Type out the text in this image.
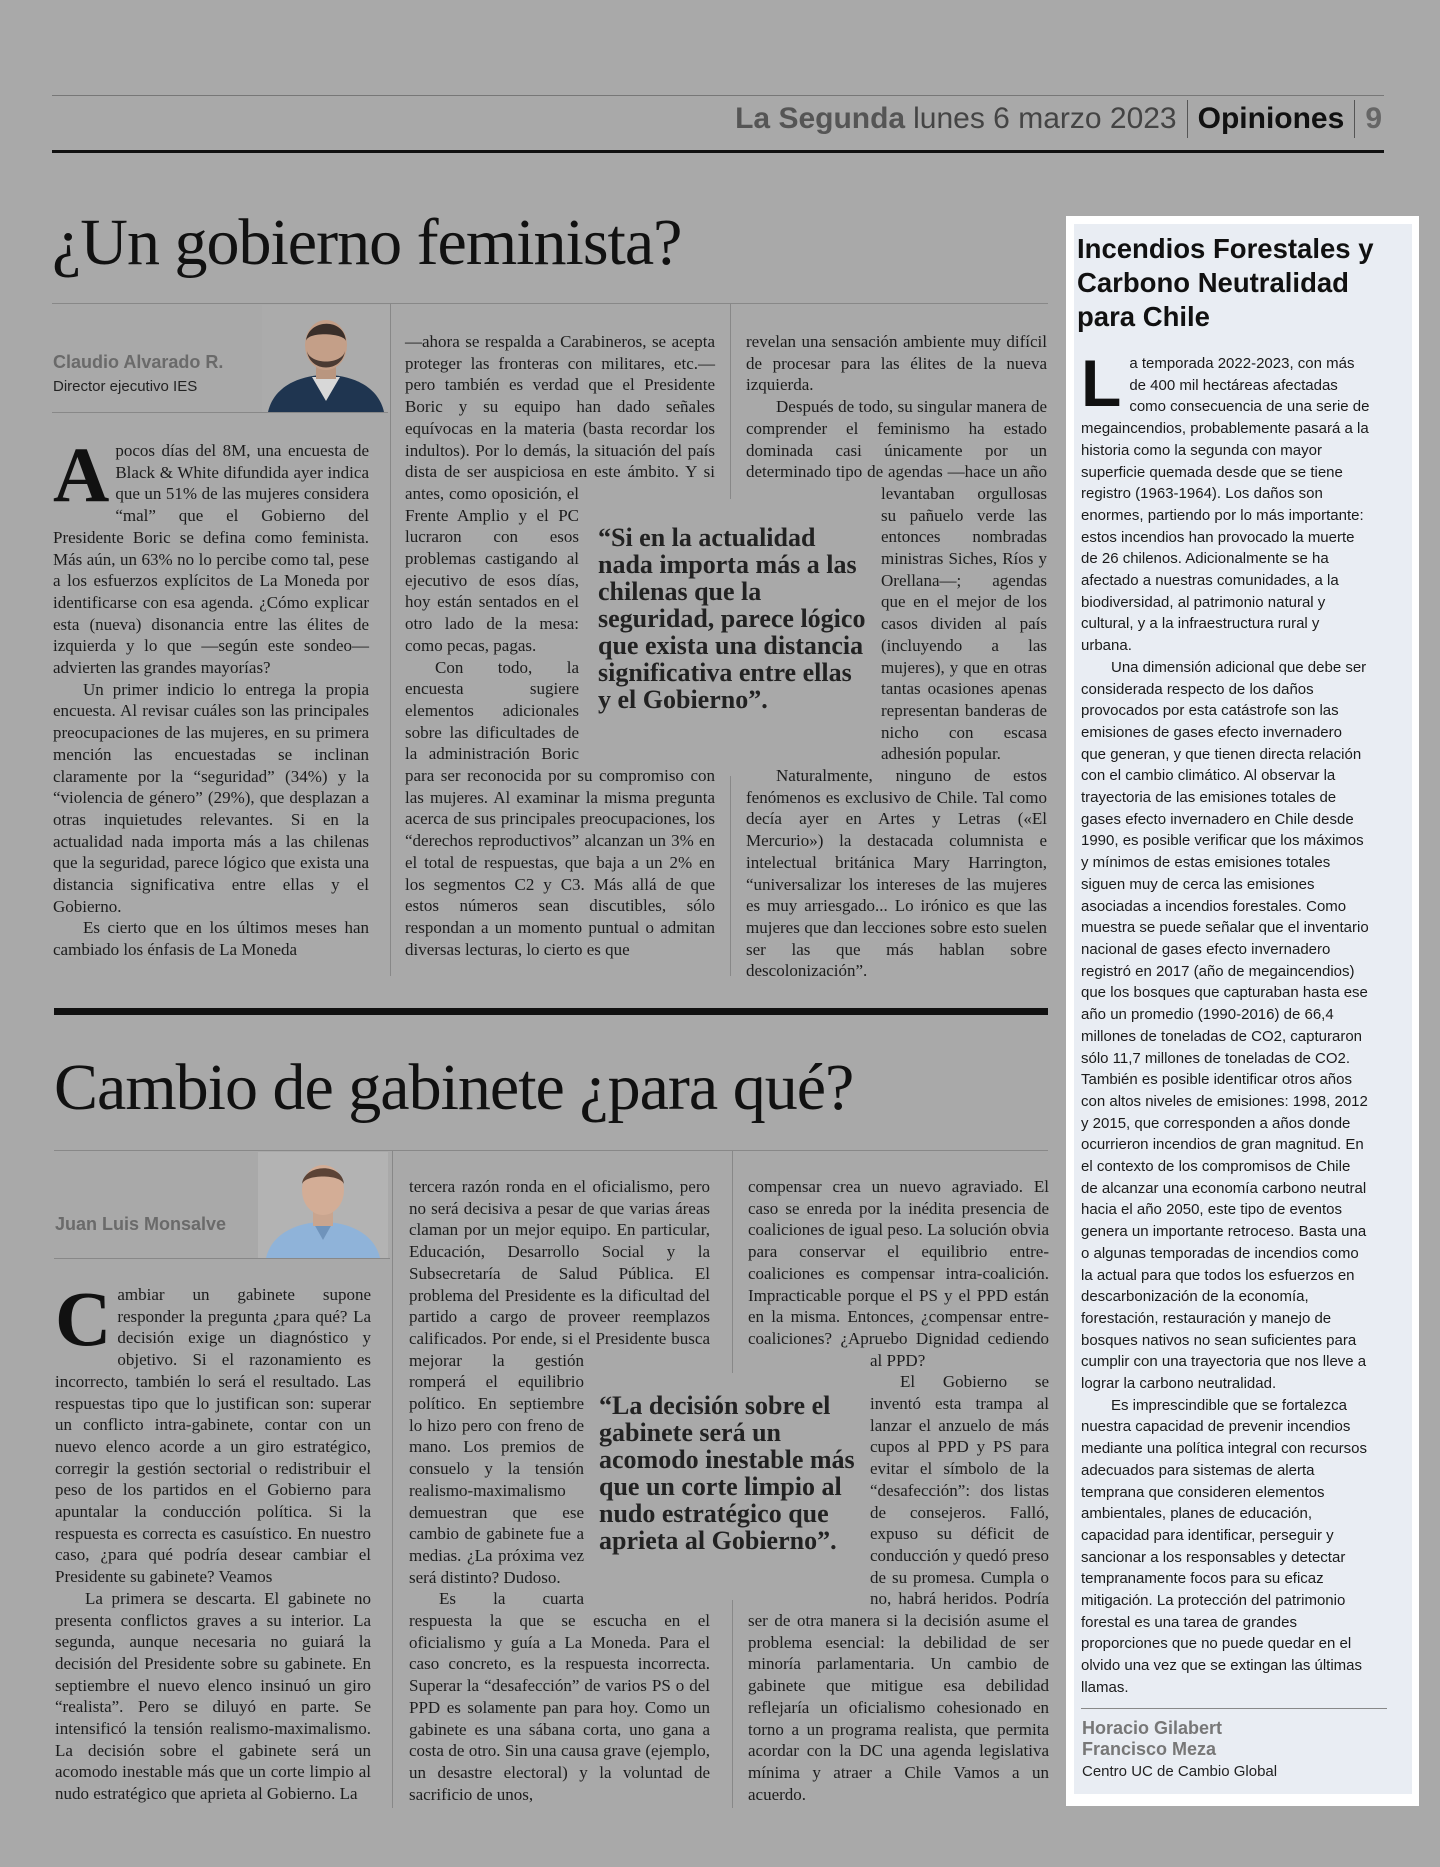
La Segunda lunes 6 marzo 2023 Opiniones 9
¿Un gobierno feminista?
Claudio Alvarado R.
Director ejecutivo IES

Apocos días del 8M, una encuesta de Black & White difundida ayer indica que un 51% de las mujeres considera “mal” que el Gobierno del Presidente Boric se defina como feminista. Más aún, un 63% no lo percibe como tal, pese a los esfuerzos explícitos de La Moneda por identificarse con esa agenda. ¿Cómo explicar esta (nueva) disonancia entre las élites de izquierda y lo que —según este sondeo— advierten las grandes mayorías?

Un primer indicio lo entrega la propia encuesta. Al revisar cuáles son las principales preocupaciones de las mujeres, en su primera mención las encuestadas se inclinan claramente por la “seguridad” (34%) y la “violencia de género” (29%), que desplazan a otras inquietudes relevantes. Si en la actualidad nada importa más a las chilenas que la seguridad, parece lógico que exista una distancia significativa entre ellas y el Gobierno.

Es cierto que en los últimos meses han cambiado los énfasis de La Moneda

—ahora se respalda a Carabineros, se acepta proteger las fronteras con militares, etc.— pero también es verdad que el Presidente Boric y su equipo han dado señales equívocas en la materia (basta recordar los indultos). Por lo demás, la situación del país dista de ser auspiciosa en este ámbito. Y si antes, como oposición, el Frente Amplio y el PC lucraron con esos problemas castigando al ejecutivo de esos días, hoy están sentados en el otro lado de la mesa: como pecas, pagas.

Con todo, la encuesta sugiere elementos adicionales sobre las dificultades de la administración Boric para ser reconocida por su compromiso con las mujeres. Al examinar la misma pregunta acerca de sus principales preocupaciones, los “derechos reproductivos” alcanzan un 3% en el total de respuestas, que baja a un 2% en los segmentos C2 y C3. Más allá de que estos números sean discutibles, sólo respondan a un momento puntual o admitan diversas lecturas, lo cierto es que

revelan una sensación ambiente muy difícil de procesar para las élites de la nueva izquierda.

Después de todo, su singular manera de comprender el feminismo ha estado dominada casi únicamente por un determinado tipo de agendas —hace un año levantaban orgullosas su pañuelo verde las entonces nombradas ministras Siches, Ríos y Orellana—; agendas que en el mejor de los casos dividen al país (incluyendo a las mujeres), y que en otras tantas ocasiones apenas representan banderas de nicho con escasa adhesión popular.

Naturalmente, ninguno de estos fenómenos es exclusivo de Chile. Tal como decía ayer en Artes y Letras («El Mercurio») la destacada columnista e intelectual británica Mary Harrington, “universalizar los intereses de las mujeres es muy arriesgado... Lo irónico es que las mujeres que dan lecciones sobre esto suelen ser las que más hablan sobre descolonización”.

“Si en la actualidad nada importa más a las chilenas que la seguridad, parece lógico que exista una distancia significativa entre ellas y el Gobierno”.
Cambio de gabinete ¿para qué?
Juan Luis Monsalve

Cambiar un gabinete supone responder la pregunta ¿para qué? La decisión exige un diagnóstico y objetivo. Si el razonamiento es incorrecto, también lo será el resultado. Las respuestas tipo que lo justifican son: superar un conflicto intra-gabinete, contar con un nuevo elenco acorde a un giro estratégico, corregir la gestión sectorial o redistribuir el peso de los partidos en el Gobierno para apuntalar la conducción política. Si la respuesta es correcta es casuístico. En nuestro caso, ¿para qué podría desear cambiar el Presidente su gabinete? Veamos

La primera se descarta. El gabinete no presenta conflictos graves a su interior. La segunda, aunque necesaria no guiará la decisión del Presidente sobre su gabinete. En septiembre el nuevo elenco insinuó un giro “realista”. Pero se diluyó en parte. Se intensificó la tensión realismo-maximalismo. La decisión sobre el gabinete será un acomodo inestable más que un corte limpio al nudo estratégico que aprieta al Gobierno. La

tercera razón ronda en el oficialismo, pero no será decisiva a pesar de que varias áreas claman por un mejor equipo. En particular, Educación, Desarrollo Social y la Subsecretaría de Salud Pública. El problema del Presidente es la dificultad del partido a cargo de proveer reemplazos calificados. Por ende, si el Presidente busca mejorar la gestión romperá el equilibrio político. En septiembre lo hizo pero con freno de mano. Los premios de consuelo y la tensión realismo-maximalismo demuestran que ese cambio de gabinete fue a medias. ¿La próxima vez será distinto? Dudoso.

Es la cuarta respuesta la que se escucha en el oficialismo y guía a La Moneda. Para el caso concreto, es la respuesta incorrecta. Superar la “desafección” de varios PS o del PPD es solamente pan para hoy. Como un gabinete es una sábana corta, uno gana a costa de otro. Sin una causa grave (ejemplo, un desastre electoral) y la voluntad de sacrificio de unos,

compensar crea un nuevo agraviado. El caso se enreda por la inédita presencia de coaliciones de igual peso. La solución obvia para conservar el equilibrio entre-coaliciones es compensar intra-coalición. Impracticable porque el PS y el PPD están en la misma. Entonces, ¿compensar entre-coaliciones? ¿Apruebo Dignidad cediendo al PPD?

El Gobierno se inventó esta trampa al lanzar el anzuelo de más cupos al PPD y PS para evitar el símbolo de la “desafección”: dos listas de consejeros. Falló, expuso su déficit de conducción y quedó preso de su promesa. Cumpla o no, habrá heridos. Podría ser de otra manera si la decisión asume el problema esencial: la debilidad de ser minoría parlamentaria. Un cambio de gabinete que mitigue esa debilidad reflejaría un oficialismo cohesionado en torno a un programa realista, que permita acordar con la DC una agenda legislativa mínima y atraer a Chile Vamos a un acuerdo.

“La decisión sobre el gabinete será un acomodo inestable más que un corte limpio al nudo estratégico que aprieta al Gobierno”.
Incendios Forestales y Carbono Neutralidad para Chile

La temporada 2022-2023, con más de 400 mil hectáreas afectadas como consecuencia de una serie de megaincendios, probablemente pasará a la historia como la segunda con mayor superficie quemada desde que se tiene registro (1963-1964). Los daños son enormes, partiendo por lo más importante: estos incendios han provocado la muerte de 26 chilenos. Adicionalmente se ha afectado a nuestras comunidades, a la biodiversidad, al patrimonio natural y cultural, y a la infraestructura rural y urbana.

Una dimensión adicional que debe ser considerada respecto de los daños provocados por esta catástrofe son las emisiones de gases efecto invernadero que generan, y que tienen directa relación con el cambio climático. Al observar la trayectoria de las emisiones totales de gases efecto invernadero en Chile desde 1990, es posible verificar que los máximos y mínimos de estas emisiones totales siguen muy de cerca las emisiones asociadas a incendios forestales. Como muestra se puede señalar que el inventario nacional de gases efecto invernadero registró en 2017 (año de megaincendios) que los bosques que capturaban hasta ese año un promedio (1990-2016) de 66,4 millones de toneladas de CO2, capturaron sólo 11,7 millones de toneladas de CO2. También es posible identificar otros años con altos niveles de emisiones: 1998, 2012 y 2015, que corresponden a años donde ocurrieron incendios de gran magnitud. En el contexto de los compromisos de Chile de alcanzar una economía carbono neutral hacia el año 2050, este tipo de eventos genera un importante retroceso. Basta una o algunas temporadas de incendios como la actual para que todos los esfuerzos en descarbonización de la economía, forestación, restauración y manejo de bosques nativos no sean suficientes para cumplir con una trayectoria que nos lleve a lograr la carbono neutralidad.

Es imprescindible que se fortalezca nuestra capacidad de prevenir incendios mediante una política integral con recursos adecuados para sistemas de alerta temprana que consideren elementos ambientales, planes de educación, capacidad para identificar, perseguir y sancionar a los responsables y detectar tempranamente focos para su eficaz mitigación. La protección del patrimonio forestal es una tarea de grandes proporciones que no puede quedar en el olvido una vez que se extingan las últimas llamas.

Horacio Gilabert
Francisco Meza
Centro UC de Cambio Global
